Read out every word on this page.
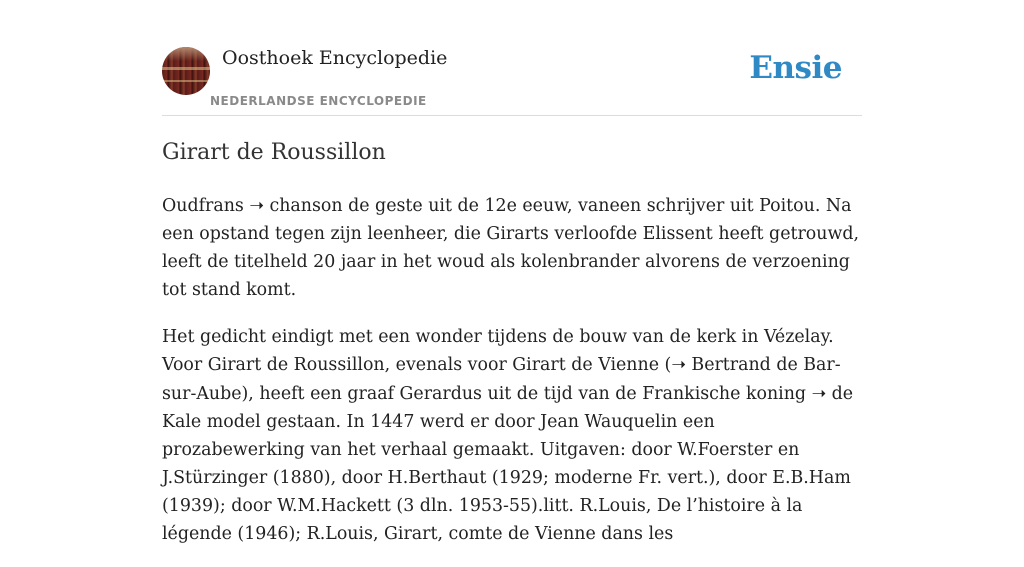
Oosthoek Encyclopedie
NEDERLANDSE ENCYCLOPEDIE
Ensie
Girart de Roussillon

Oudfrans ➝ chanson de geste uit de 12e eeuw, vaneen schrijver uit Poitou. Na een opstand tegen zijn leenheer, die Girarts verloofde Elissent heeft getrouwd, leeft de titelheld 20 jaar in het woud als kolenbrander alvorens de verzoening tot stand komt.

Het gedicht eindigt met een wonder tijdens de bouw van de kerk in Vézelay. Voor Girart de Roussillon, evenals voor Girart de Vienne (➝ Bertrand de Bar-sur-Aube), heeft een graaf Gerardus uit de tijd van de Frankische koning ➝ de Kale model gestaan. In 1447 werd er door Jean Wauquelin een prozabewerking van het verhaal gemaakt. Uitgaven: door W.Foerster en J.Stürzinger (1880), door H.Berthaut (1929; moderne Fr. vert.), door E.B.Ham (1939); door W.M.Hackett (3 dln. 1953-55).litt. R.Louis, De l’histoire à la légende (1946); R.Louis, Girart, comte de Vienne dans les
